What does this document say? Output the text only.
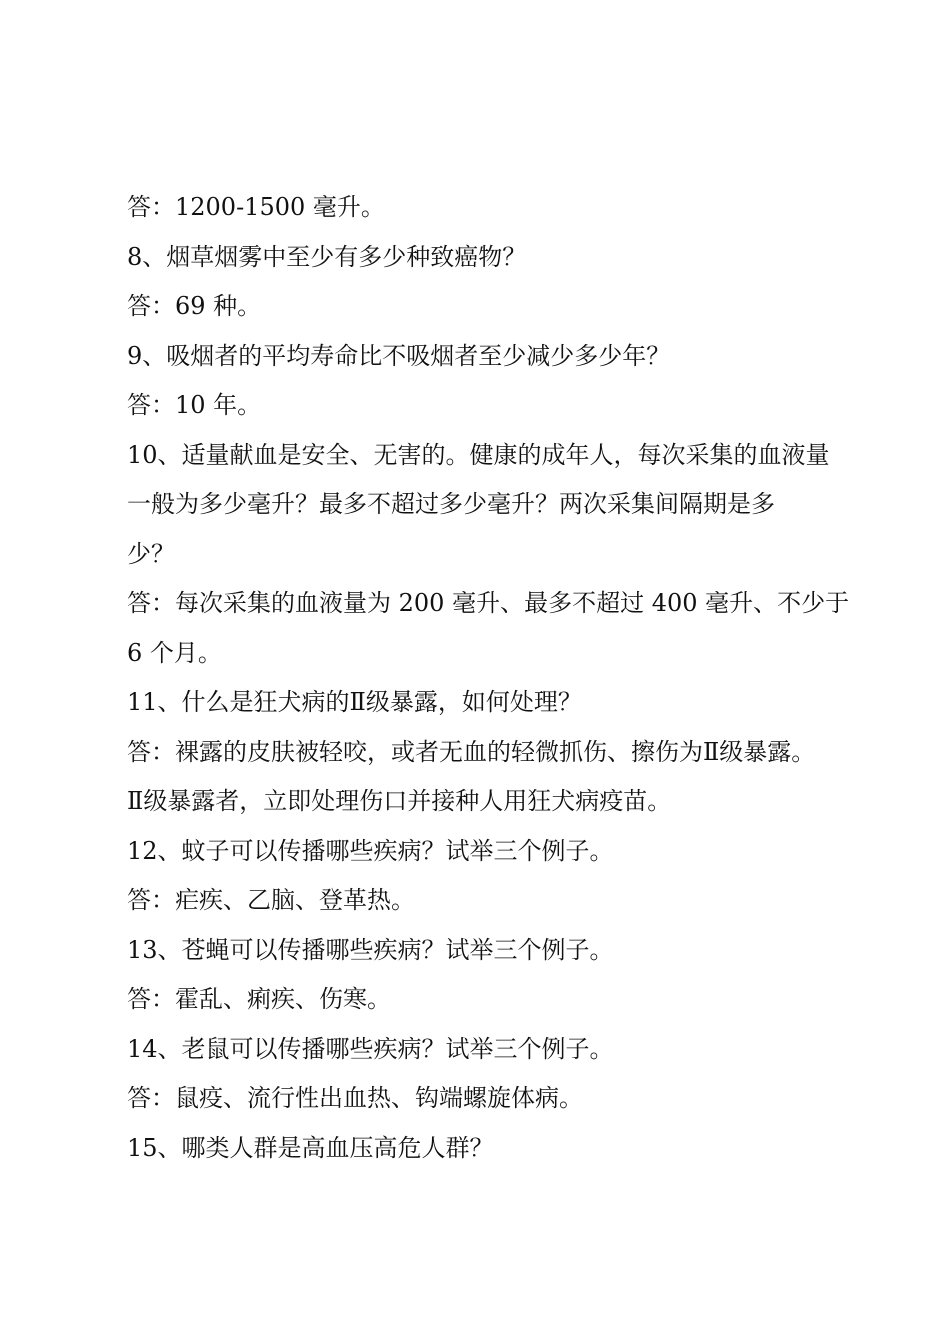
答：1200-1500 毫升。

8、烟草烟雾中至少有多少种致癌物？

答：69 种。

9、吸烟者的平均寿命比不吸烟者至少减少多少年？

答：10 年。

10、适量献血是安全、无害的。健康的成年人，每次采集的血液量

一般为多少毫升？最多不超过多少毫升？两次采集间隔期是多

少？

答：每次采集的血液量为 200 毫升、最多不超过 400 毫升、不少于

6 个月。

11、什么是狂犬病的Ⅱ级暴露，如何处理？

答：裸露的皮肤被轻咬，或者无血的轻微抓伤、擦伤为Ⅱ级暴露。

Ⅱ级暴露者，立即处理伤口并接种人用狂犬病疫苗。

12、蚊子可以传播哪些疾病？试举三个例子。

答：疟疾、乙脑、登革热。

13、苍蝇可以传播哪些疾病？试举三个例子。

答：霍乱、痢疾、伤寒。

14、老鼠可以传播哪些疾病？试举三个例子。

答：鼠疫、流行性出血热、钩端螺旋体病。

15、哪类人群是高血压高危人群？
